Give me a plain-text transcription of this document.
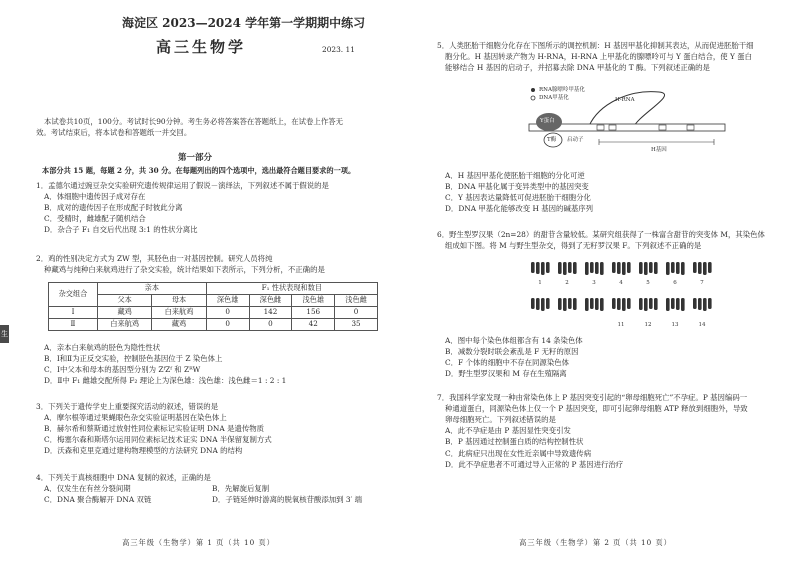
生
海淀区 2023—2024 学年第一学期期中练习
高三生物学	2023. 11
本试卷共10页，100分。考试时长90分钟。考生务必将答案答在答题纸上，在试卷上作答无
效。考试结束后，将本试卷和答题纸一并交回。
第一部分
本部分共 15 题，每题 2 分，共 30 分。在每题列出的四个选项中，选出最符合题目要求的一项。
1．孟德尔通过豌豆杂交实验研究遗传规律运用了假说－演绎法，下列叙述不属于假说的是
A．体细胞中遗传因子成对存在
B．成对的遗传因子在形成配子时彼此分离
C．受精时，雌雄配子随机结合
D．杂合子 F₁ 自交后代出现 3:1 的性状分离比
2．鸡的性别决定方式为 ZW 型，其胫色由一对基因控制。研究人员将纯
种藏鸡与纯种白来航鸡进行了杂交实验，统计结果如下表所示，下列分析，不正确的是
杂交组合	亲本		F₁ 性状表现和数目			
	父本	母本	深色雄	深色雌	浅色雄	浅色雌
Ⅰ	藏鸡	白来航鸡	0	142	156	0
Ⅱ	白来航鸡	藏鸡	0	0	42	35
A．亲本白来航鸡的胫色为隐性性状
B．Ⅰ和Ⅱ为正反交实验，控制胫色基因位于 Z 染色体上
C．Ⅰ中父本和母本的基因型分别为 ZᶠZᶠ 和 ZᴿW
D．Ⅱ中 F₁ 雌雄交配所得 F₂ 理论上为深色雄：浅色雄：浅色雌＝1 : 2 : 1
3．下列关于遗传学史上重要探究活动的叙述，错误的是
A．摩尔根等通过果蝇眼色杂交实验证明基因在染色体上
B．赫尔希和蔡斯通过放射性同位素标记实验证明 DNA 是遗传物质
C．梅塞尔森和斯塔尔运用同位素标记技术证实 DNA 半保留复制方式
D．沃森和克里克通过建构物理模型的方法研究 DNA 的结构
4．下列关于真核细胞中 DNA 复制的叙述，正确的是
A．仅发生在有丝分裂间期	B．先解旋后复制
C．DNA 聚合酶解开 DNA 双链	D．子链延伸时游离的脱氧核苷酸添加到 3′ 端
高三年级（生物学）第 1 页（共 10 页）
5．人类胚胎干细胞分化存在下图所示的调控机制：H 基因甲基化抑制其表达，从而促进胚胎干细
胞分化。H 基因转录产物为 H-RNA，H-RNA 上甲基化的腺嘌呤可与 Y 蛋白结合，使 Y 蛋白
能够结合 H 基因的启动子，并招募去除 DNA 甲基化的 T 酶。下列叙述正确的是
RNA腺嘌呤甲基化
DNA甲基化	H-RNA
Y蛋白
T酶 启动子
H基因
A．H 基因甲基化使胚胎干细胞的分化可逆
B．DNA 甲基化属于变异类型中的基因突变
C．Y 基因表达量降低可促进胚胎干细胞分化
D．DNA 甲基化能够改变 H 基因的碱基序列
6．野生型罗汉果（2n=28）的甜苷含量较低。某研究组获得了一株富含甜苷的突变体 M，其染色体
组成如下图。将 M 与野生型杂交，得到了无籽罗汉果 F。下列叙述不正确的是
1	2	3	4	5	6	7
11	12	13	14
A．图中每个染色体组都含有 14 条染色体
B．减数分裂时联会紊乱是 F 无籽的原因
C．F 个体的细胞中不存在同源染色体
D．野生型罗汉果和 M 存在生殖隔离
7．我国科学家发现一种由常染色体上 P 基因突变引起的“卵母细胞死亡”不孕症。P 基因编码一
种通道蛋白，同源染色体上仅一个 P 基因突变，即可引起卵母细胞 ATP 释放到细胞外，导致
卵母细胞死亡。下列叙述错误的是
A．此不孕症是由 P 基因显性突变引发
B．P 基因通过控制蛋白质的结构控制性状
C．此病症只出现在女性近亲属中导致遗传病
D．此不孕症患者不可通过导入正常的 P 基因进行治疗
高三年级（生物学）第 2 页（共 10 页）
